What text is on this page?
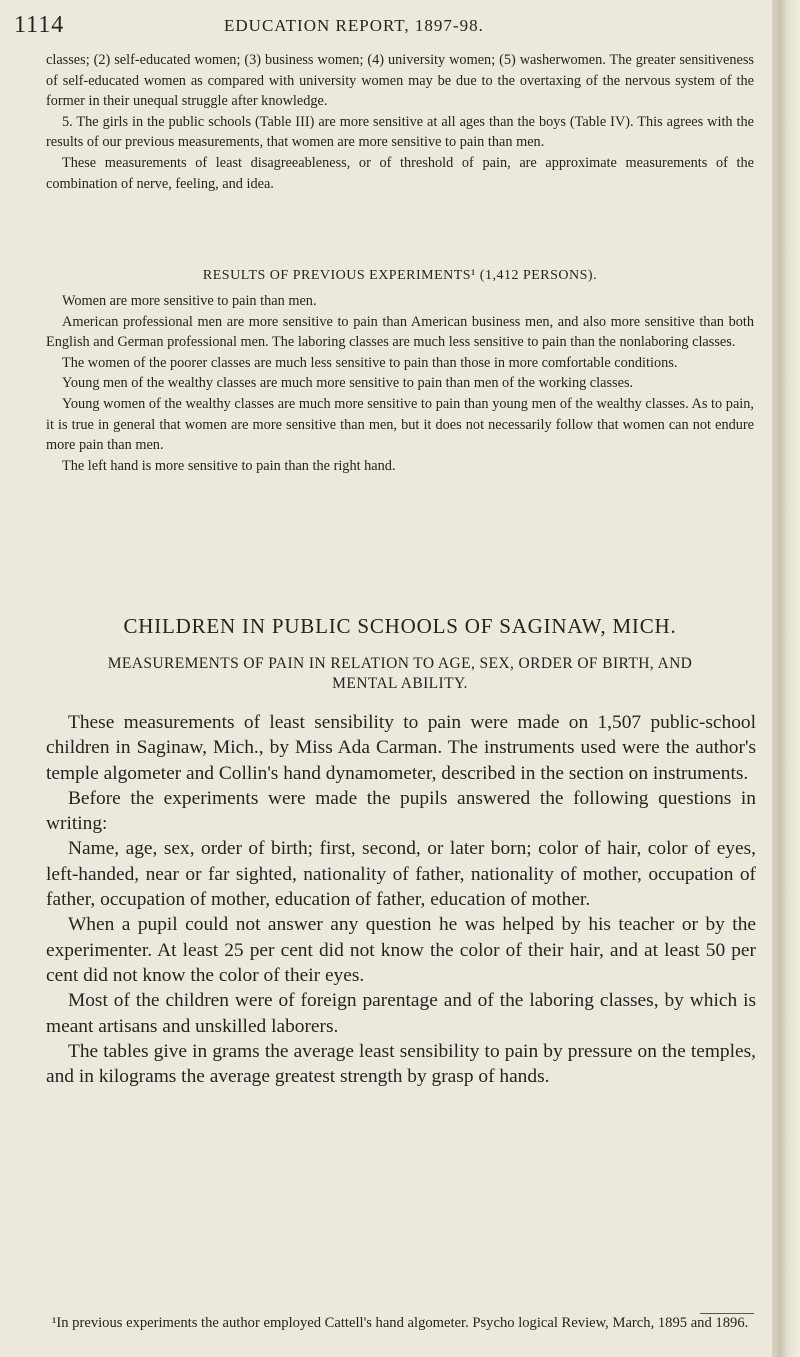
1114	EDUCATION REPORT, 1897-98.

classes; (2) self-educated women; (3) business women; (4) university women; (5) washerwomen. The greater sensitiveness of self-educated women as compared with university women may be due to the overtaxing of the nervous system of the former in their unequal struggle after knowledge.

5. The girls in the public schools (Table III) are more sensitive at all ages than the boys (Table IV). This agrees with the results of our previous measurements, that women are more sensitive to pain than men.

These measurements of least disagreeableness, or of threshold of pain, are approximate measurements of the combination of nerve, feeling, and idea.

RESULTS OF PREVIOUS EXPERIMENTS¹ (1,412 PERSONS).

Women are more sensitive to pain than men.

American professional men are more sensitive to pain than American business men, and also more sensitive than both English and German professional men. The laboring classes are much less sensitive to pain than the nonlaboring classes.

The women of the poorer classes are much less sensitive to pain than those in more comfortable conditions.

Young men of the wealthy classes are much more sensitive to pain than men of the working classes.

Young women of the wealthy classes are much more sensitive to pain than young men of the wealthy classes. As to pain, it is true in general that women are more sensitive than men, but it does not necessarily follow that women can not endure more pain than men.

The left hand is more sensitive to pain than the right hand.

CHILDREN IN PUBLIC SCHOOLS OF SAGINAW, MICH.
MEASUREMENTS OF PAIN IN RELATION TO AGE, SEX, ORDER OF BIRTH, AND MENTAL ABILITY.

These measurements of least sensibility to pain were made on 1,507 public-school children in Saginaw, Mich., by Miss Ada Carman. The instruments used were the author's temple algometer and Collin's hand dynamometer, described in the section on instruments.

Before the experiments were made the pupils answered the following questions in writing:

Name, age, sex, order of birth; first, second, or later born; color of hair, color of eyes, left-handed, near or far sighted, nationality of father, nationality of mother, occupation of father, occupation of mother, education of father, education of mother.

When a pupil could not answer any question he was helped by his teacher or by the experimenter. At least 25 per cent did not know the color of their hair, and at least 50 per cent did not know the color of their eyes.

Most of the children were of foreign parentage and of the laboring classes, by which is meant artisans and unskilled laborers.

The tables give in grams the average least sensibility to pain by pressure on the temples, and in kilograms the average greatest strength by grasp of hands.

¹In previous experiments the author employed Cattell's hand algometer. Psycho logical Review, March, 1895 and 1896.
